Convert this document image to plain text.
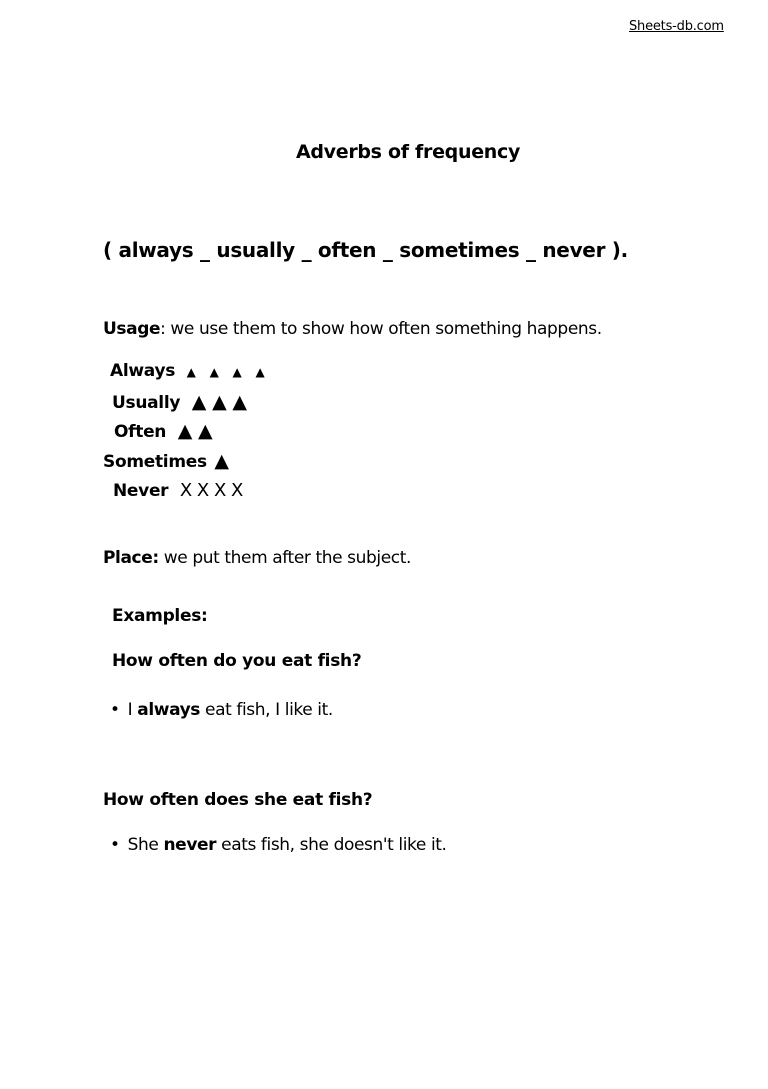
Sheets-db.com
Adverbs of frequency
( always _ usually _ often _ sometimes _ never ).
Usage: we use them to show how often something happens.
Always ▲ ▲ ▲ ▲
Usually ▲ ▲ ▲
Often ▲ ▲
Sometimes ▲
Never X X X X
Place: we put them after the subject.
Examples:
How often do you eat fish?
• I always eat fish, I like it.
How often does she eat fish?
• She never eats fish, she doesn't like it.
